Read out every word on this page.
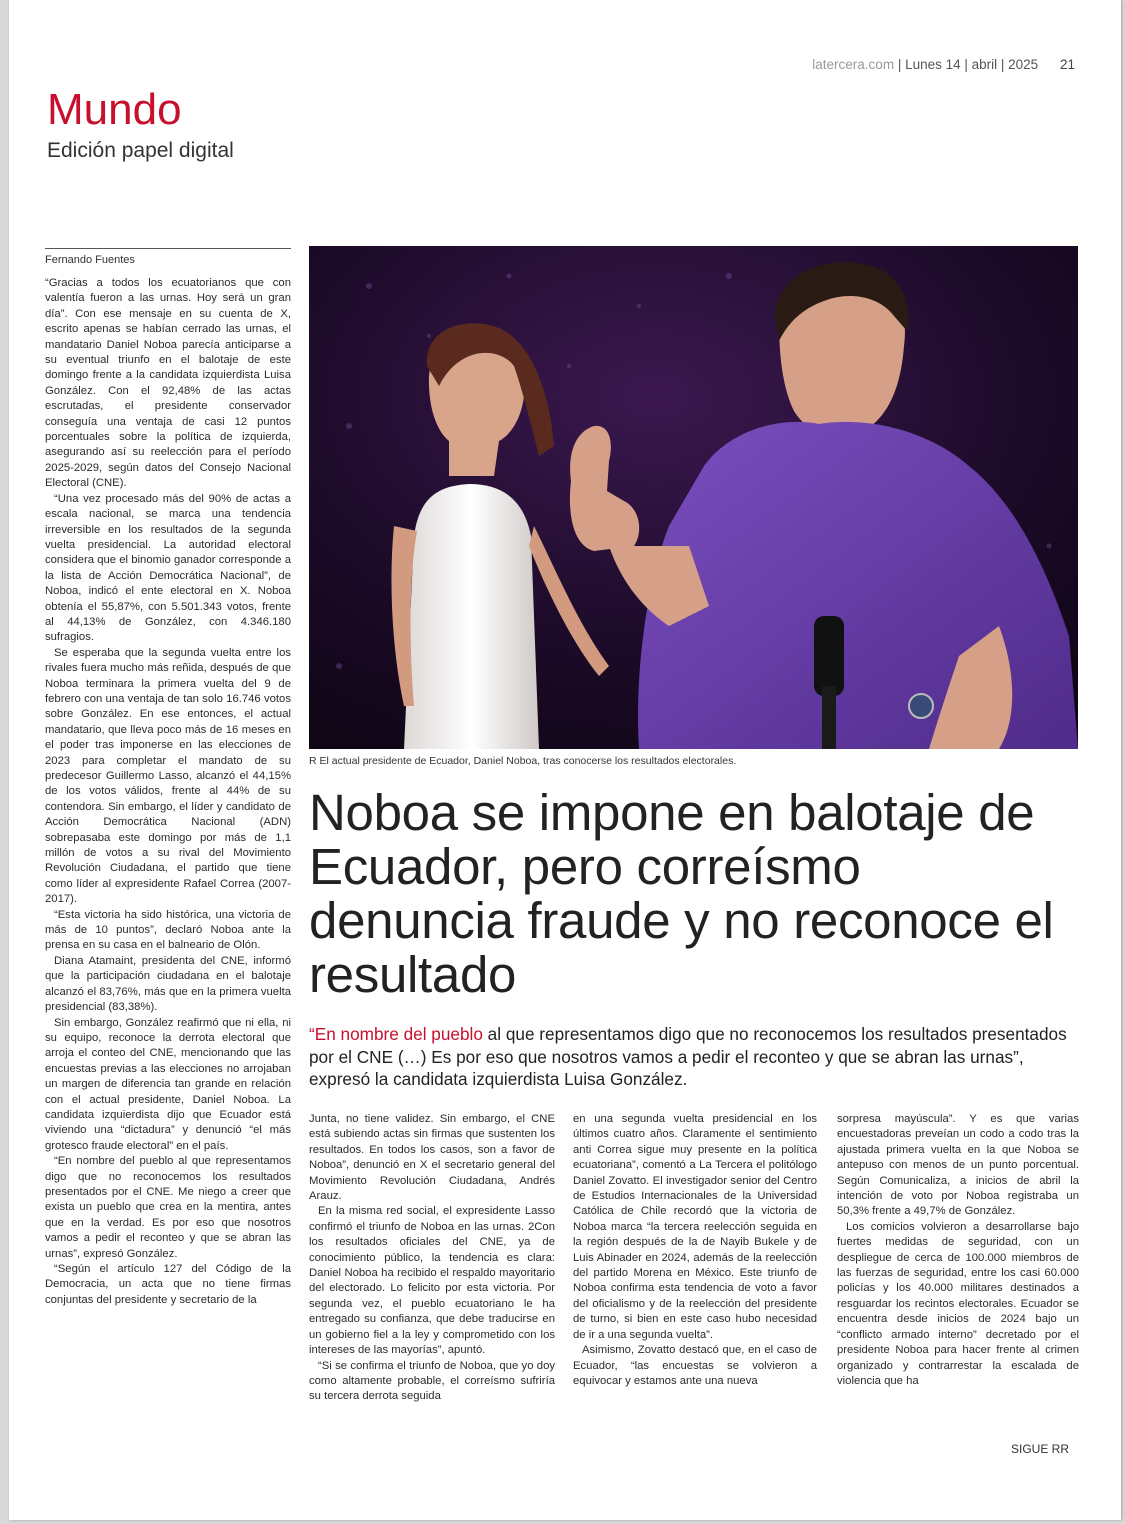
latercera.com | Lunes 14 | abril | 2025 21
Mundo
Edición papel digital
Fernando Fuentes

“Gracias a todos los ecuatorianos que con valentía fueron a las urnas. Hoy será un gran día”. Con ese mensaje en su cuenta de X, escrito apenas se habían cerrado las urnas, el mandatario Daniel Noboa parecía anticiparse a su eventual triunfo en el balotaje de este domingo frente a la candidata izquierdista Luisa González. Con el 92,48% de las actas escrutadas, el presidente conservador conseguía una ventaja de casi 12 puntos porcentuales sobre la política de izquierda, asegurando así su reelección para el período 2025-2029, según datos del Consejo Nacional Electoral (CNE).

“Una vez procesado más del 90% de actas a escala nacional, se marca una tendencia irreversible en los resultados de la segunda vuelta presidencial. La autoridad electoral considera que el binomio ganador corresponde a la lista de Acción Democrática Nacional”, de Noboa, indicó el ente electoral en X. Noboa obtenía el 55,87%, con 5.501.343 votos, frente al 44,13% de González, con 4.346.180 sufragios.

Se esperaba que la segunda vuelta entre los rivales fuera mucho más reñida, después de que Noboa terminara la primera vuelta del 9 de febrero con una ventaja de tan solo 16.746 votos sobre González. En ese entonces, el actual mandatario, que lleva poco más de 16 meses en el poder tras imponerse en las elecciones de 2023 para completar el mandato de su predecesor Guillermo Lasso, alcanzó el 44,15% de los votos válidos, frente al 44% de su contendora. Sin embargo, el líder y candidato de Acción Democrática Nacional (ADN) sobrepasaba este domingo por más de 1,1 millón de votos a su rival del Movimiento Revolución Ciudadana, el partido que tiene como líder al expresidente Rafael Correa (2007-2017).

“Esta victoria ha sido histórica, una victoria de más de 10 puntos”, declaró Noboa ante la prensa en su casa en el balneario de Olón.

Diana Atamaint, presidenta del CNE, informó que la participación ciudadana en el balotaje alcanzó el 83,76%, más que en la primera vuelta presidencial (83,38%).

Sin embargo, González reafirmó que ni ella, ni su equipo, reconoce la derrota electoral que arroja el conteo del CNE, mencionando que las encuestas previas a las elecciones no arrojaban un margen de diferencia tan grande en relación con el actual presidente, Daniel Noboa. La candidata izquierdista dijo que Ecuador está viviendo una “dictadura” y denunció “el más grotesco fraude electoral” en el país.

“En nombre del pueblo al que representamos digo que no reconocemos los resultados presentados por el CNE. Me niego a creer que exista un pueblo que crea en la mentira, antes que en la verdad. Es por eso que nosotros vamos a pedir el reconteo y que se abran las urnas”, expresó González.

“Según el artículo 127 del Código de la Democracia, un acta que no tiene firmas conjuntas del presidente y secretario de la

R El actual presidente de Ecuador, Daniel Noboa, tras conocerse los resultados electorales.
Noboa se impone en balotaje de Ecuador, pero correísmo denuncia fraude y no reconoce el resultado
“En nombre del pueblo al que representamos digo que no reconocemos los resultados presentados por el CNE (…) Es por eso que nosotros vamos a pedir el reconteo y que se abran las urnas”, expresó la candidata izquierdista Luisa González.

Junta, no tiene validez. Sin embargo, el CNE está subiendo actas sin firmas que sustenten los resultados. En todos los casos, son a favor de Noboa”, denunció en X el secretario general del Movimiento Revolución Ciudadana, Andrés Arauz.

En la misma red social, el expresidente Lasso confirmó el triunfo de Noboa en las urnas. 2Con los resultados oficiales del CNE, ya de conocimiento público, la tendencia es clara: Daniel Noboa ha recibido el respaldo mayoritario del electorado. Lo felicito por esta victoria. Por segunda vez, el pueblo ecuatoriano le ha entregado su confianza, que debe traducirse en un gobierno fiel a la ley y comprometido con los intereses de las mayorías”, apuntó.

“Si se confirma el triunfo de Noboa, que yo doy como altamente probable, el correísmo sufriría su tercera derrota seguida

en una segunda vuelta presidencial en los últimos cuatro años. Claramente el sentimiento anti Correa sigue muy presente en la política ecuatoriana”, comentó a La Tercera el politólogo Daniel Zovatto. El investigador senior del Centro de Estudios Internacionales de la Universidad Católica de Chile recordó que la victoria de Noboa marca “la tercera reelección seguida en la región después de la de Nayib Bukele y de Luis Abinader en 2024, además de la reelección del partido Morena en México. Este triunfo de Noboa confirma esta tendencia de voto a favor del oficialismo y de la reelección del presidente de turno, si bien en este caso hubo necesidad de ir a una segunda vuelta”.

Asimismo, Zovatto destacó que, en el caso de Ecuador, “las encuestas se volvieron a equivocar y estamos ante una nueva

sorpresa mayúscula”. Y es que varias encuestadoras preveían un codo a codo tras la ajustada primera vuelta en la que Noboa se antepuso con menos de un punto porcentual. Según Comunicaliza, a inicios de abril la intención de voto por Noboa registraba un 50,3% frente a 49,7% de González.

Los comicios volvieron a desarrollarse bajo fuertes medidas de seguridad, con un despliegue de cerca de 100.000 miembros de las fuerzas de seguridad, entre los casi 60.000 policías y los 40.000 militares destinados a resguardar los recintos electorales. Ecuador se encuentra desde inicios de 2024 bajo un “conflicto armado interno” decretado por el presidente Noboa para hacer frente al crimen organizado y contrarrestar la escalada de violencia que ha

SIGUE RR
